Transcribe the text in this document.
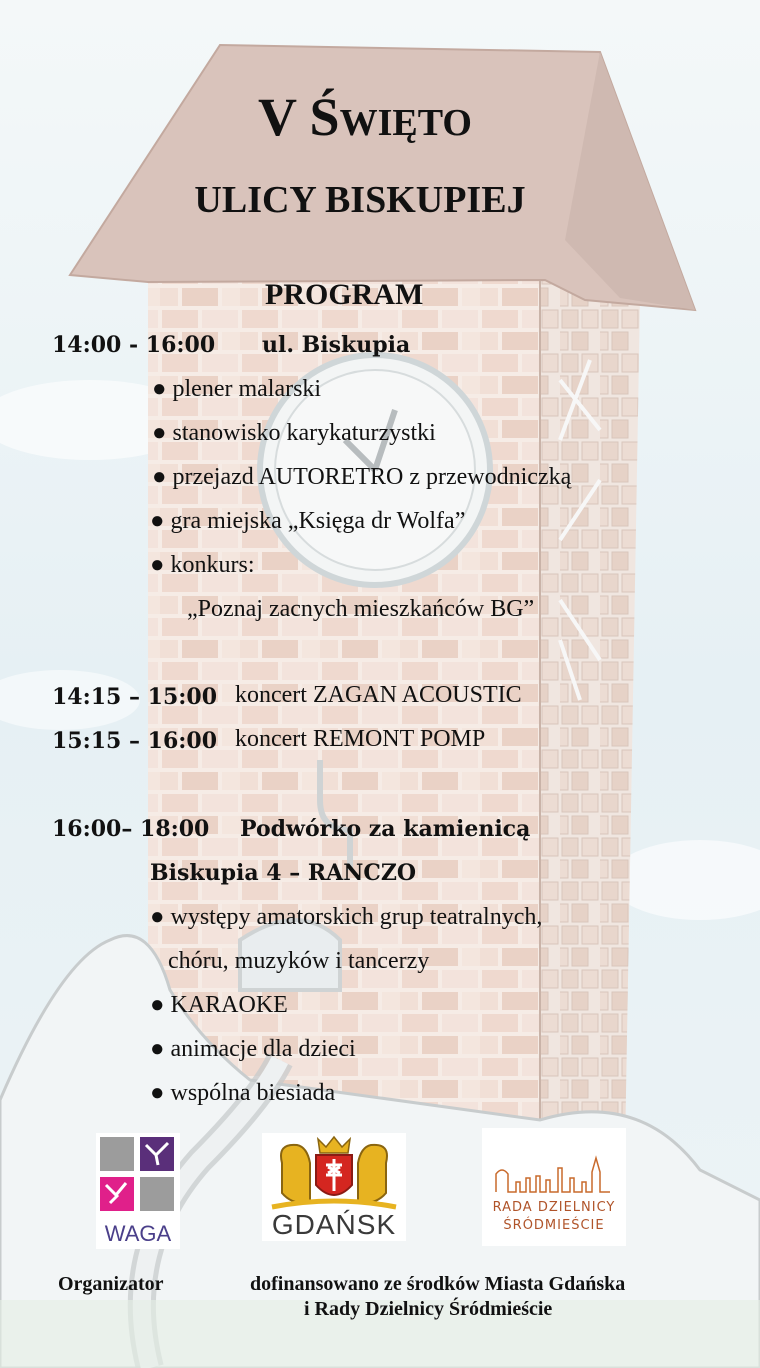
V ŚWIĘTO

ULICY BISKUPIEJ

PROGRAM

14:00 - 16:00 ul. Biskupia
● plener malarski
● stanowisko karykaturzystki
● przejazd AUTORETRO z przewodniczką
● gra miejska „Księga dr Wolfa”
● konkurs:
„Poznaj zacnych mieszkańców BG”
14:15 – 15:00 koncert ZAGAN ACOUSTIC
15:15 – 16:00 koncert REMONT POMP
16:00– 18:00 Podwórko za kamienicą
Biskupia 4 – RANCZO
● występy amatorskich grup teatralnych,
chóru, muzyków i tancerzy
● KARAOKE
● animacje dla dzieci
● wspólna biesiada
WAGA	GDAŃSK
RADA DZIELNICY
ŚRÓDMIEŚCIE
Organizator	dofinansowano ze środków Miasta Gdańska
i Rady Dzielnicy Śródmieście
